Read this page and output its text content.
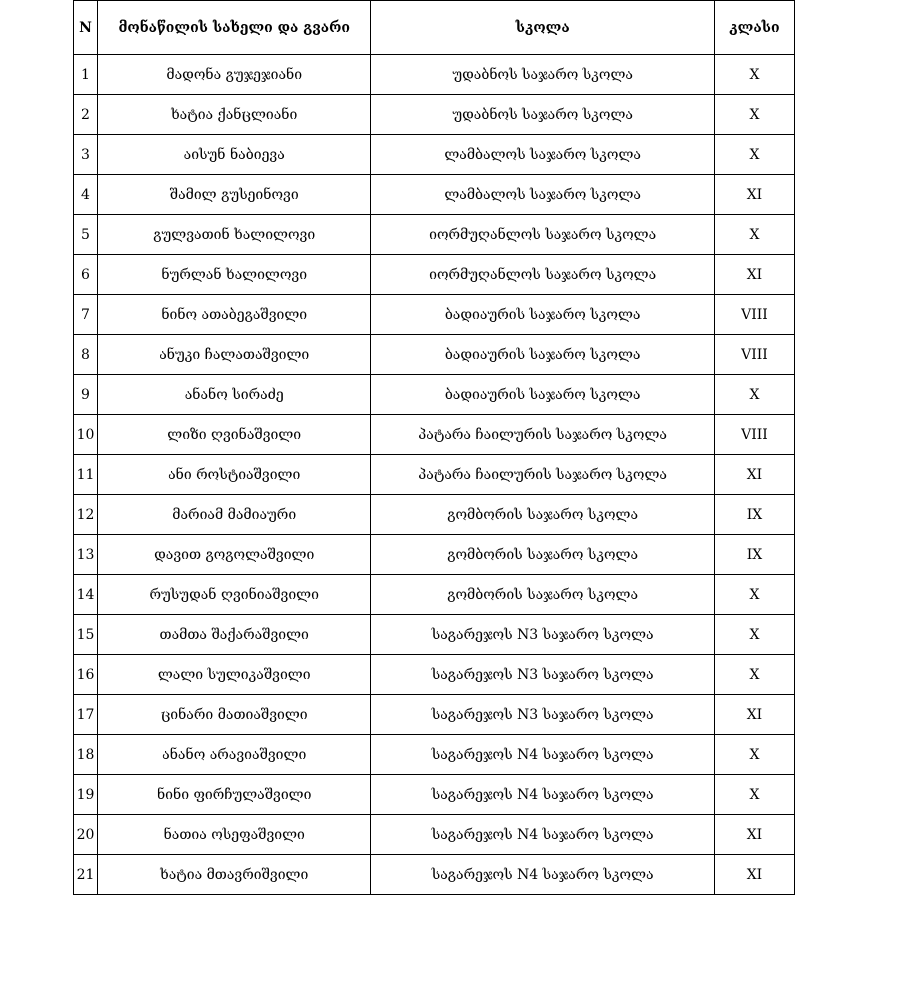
N	მონაწილის სახელი და გვარი	სკოლა	კლასი
1	მადონა გუჯეჯიანი	უდაბნოს საჯარო სკოლა	X
2	ხატია ქანცლიანი	უდაბნოს საჯარო სკოლა	X
3	აისუნ ნაბიევა	ლამბალოს საჯარო სკოლა	X
4	შამილ გუსეინოვი	ლამბალოს საჯარო სკოლა	XI
5	გულვათინ ხალილოვი	იორმუღანლოს საჯარო სკოლა	X
6	ნურლან ხალილოვი	იორმუღანლოს საჯარო სკოლა	XI
7	ნინო ათაბეგაშვილი	ბადიაურის საჯარო სკოლა	VIII
8	ანუკი ჩალათაშვილი	ბადიაურის საჯარო სკოლა	VIII
9	ანანო სირაძე	ბადიაურის საჯარო სკოლა	X
10	ლიზი ღვინაშვილი	პატარა ჩაილურის საჯარო სკოლა	VIII
11	ანი როსტიაშვილი	პატარა ჩაილურის საჯარო სკოლა	XI
12	მარიამ მამიაური	გომბორის საჯარო სკოლა	IX
13	დავით გოგოლაშვილი	გომბორის საჯარო სკოლა	IX
14	რუსუდან ღვინიაშვილი	გომბორის საჯარო სკოლა	X
15	თამთა შაქარაშვილი	საგარეჯოს N3 საჯარო სკოლა	X
16	ლალი სულიკაშვილი	საგარეჯოს N3 საჯარო სკოლა	X
17	ცინარი მათიაშვილი	საგარეჯოს N3 საჯარო სკოლა	XI
18	ანანო არავიაშვილი	საგარეჯოს N4 საჯარო სკოლა	X
19	ნინი ფირჩულაშვილი	საგარეჯოს N4 საჯარო სკოლა	X
20	ნათია ოსეფაშვილი	საგარეჯოს N4 საჯარო სკოლა	XI
21	ხატია მთავრიშვილი	საგარეჯოს N4 საჯარო სკოლა	XI
